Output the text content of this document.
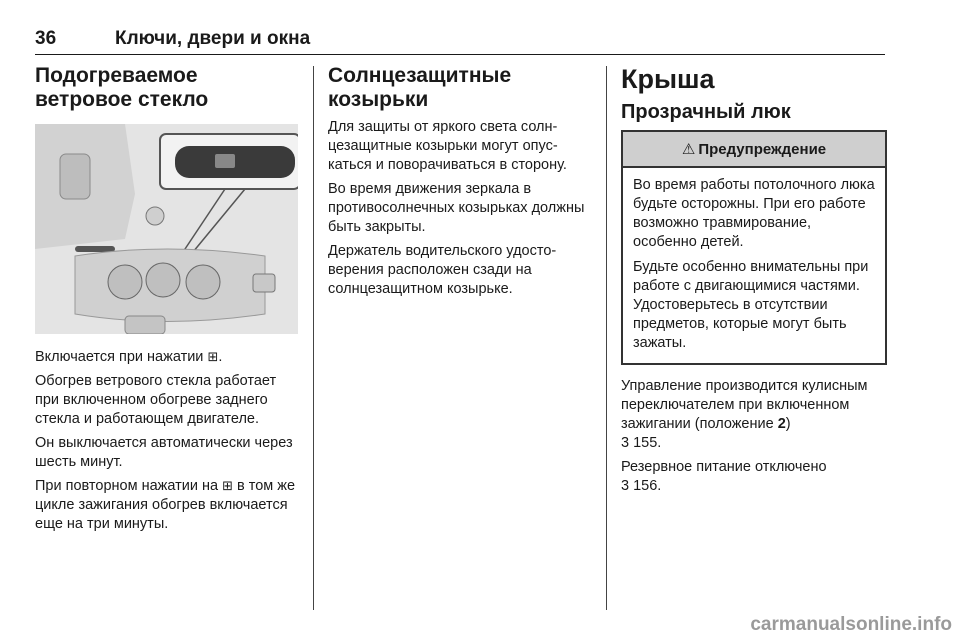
36	Ключи, двери и окна
Подогреваемое ветровое стекло

Включается при нажатии ⊞.

Обогрев ветрового стекла работает при включенном обогреве заднего стекла и работающем двигателе.

Он выключается автоматически через шесть минут.

При повторном нажатии на ⊞ в том же цикле зажигания обогрев включается еще на три минуты.

Солнцезащитные козырьки

Для защиты от яркого света солнцезащитные козырьки могут опускаться и поворачиваться в сторону.

Во время движения зеркала в противосолнечных козырьках должны быть закрыты.

Держатель водительского удостоверения расположен сзади на солнцезащитном козырьке.

Крыша
Прозрачный люк
⚠ Предупреждение

Во время работы потолочного люка будьте осторожны. При его работе возможно травмирование, особенно детей.

Будьте особенно внимательны при работе с двигающимися частями. Удостоверьтесь в отсутствии предметов, которые могут быть зажаты.

Управление производится кулисным переключателем при включенном зажигании (положение 2)
3 155.

Резервное питание отключено
3 156.

carmanualsonline.info
